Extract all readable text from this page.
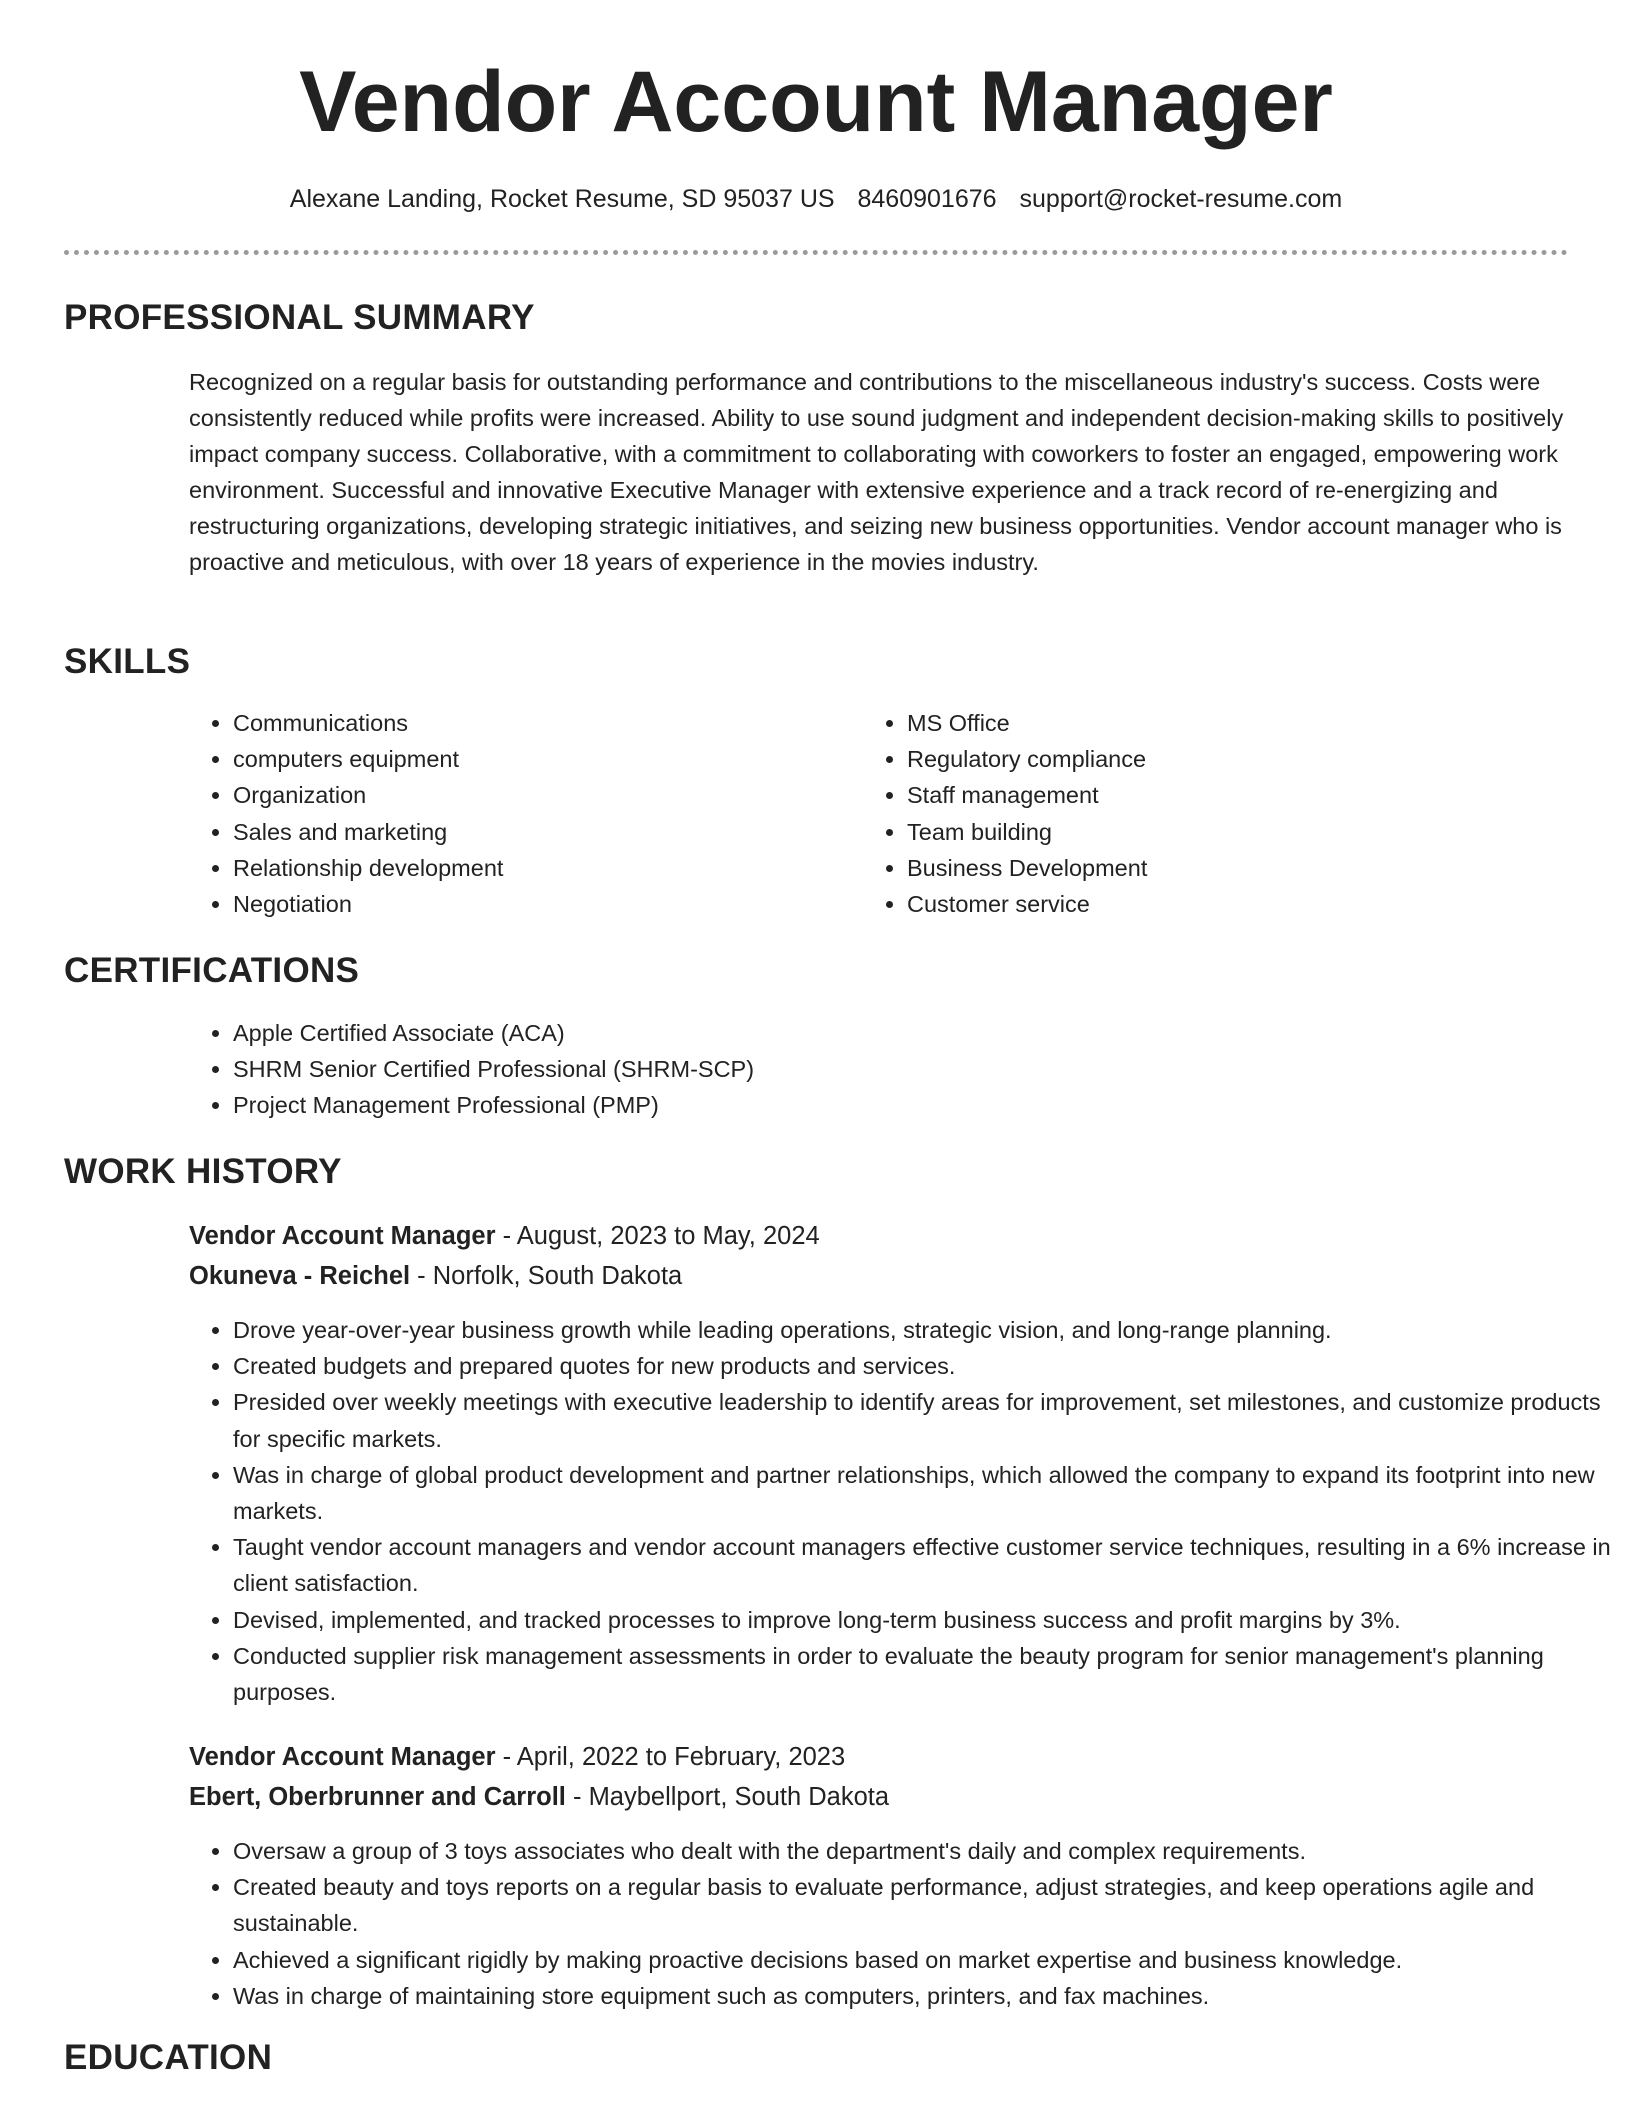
Vendor Account Manager
Alexane Landing, Rocket Resume, SD 95037 US 8460901676 support@rocket-resume.com
PROFESSIONAL SUMMARY

Recognized on a regular basis for outstanding performance and contributions to the miscellaneous industry's success. Costs were consistently reduced while profits were increased. Ability to use sound judgment and independent decision-making skills to positively impact company success. Collaborative, with a commitment to collaborating with coworkers to foster an engaged, empowering work environment. Successful and innovative Executive Manager with extensive experience and a track record of re-energizing and restructuring organizations, developing strategic initiatives, and seizing new business opportunities. Vendor account manager who is proactive and meticulous, with over 18 years of experience in the movies industry.

SKILLS
• Communications
• computers equipment
• Organization
• Sales and marketing
• Relationship development
• Negotiation
• MS Office
• Regulatory compliance
• Staff management
• Team building
• Business Development
• Customer service
CERTIFICATIONS
• Apple Certified Associate (ACA)
• SHRM Senior Certified Professional (SHRM-SCP)
• Project Management Professional (PMP)
WORK HISTORY
Vendor Account Manager - August, 2023 to May, 2024
Okuneva - Reichel - Norfolk, South Dakota
• Drove year-over-year business growth while leading operations, strategic vision, and long-range planning.
• Created budgets and prepared quotes for new products and services.
• Presided over weekly meetings with executive leadership to identify areas for improvement, set milestones, and customize products for specific markets.
• Was in charge of global product development and partner relationships, which allowed the company to expand its footprint into new markets.
• Taught vendor account managers and vendor account managers effective customer service techniques, resulting in a 6% increase in client satisfaction.
• Devised, implemented, and tracked processes to improve long-term business success and profit margins by 3%.
• Conducted supplier risk management assessments in order to evaluate the beauty program for senior management's planning purposes.
Vendor Account Manager - April, 2022 to February, 2023
Ebert, Oberbrunner and Carroll - Maybellport, South Dakota
• Oversaw a group of 3 toys associates who dealt with the department's daily and complex requirements.
• Created beauty and toys reports on a regular basis to evaluate performance, adjust strategies, and keep operations agile and sustainable.
• Achieved a significant rigidly by making proactive decisions based on market expertise and business knowledge.
• Was in charge of maintaining store equipment such as computers, printers, and fax machines.
EDUCATION
